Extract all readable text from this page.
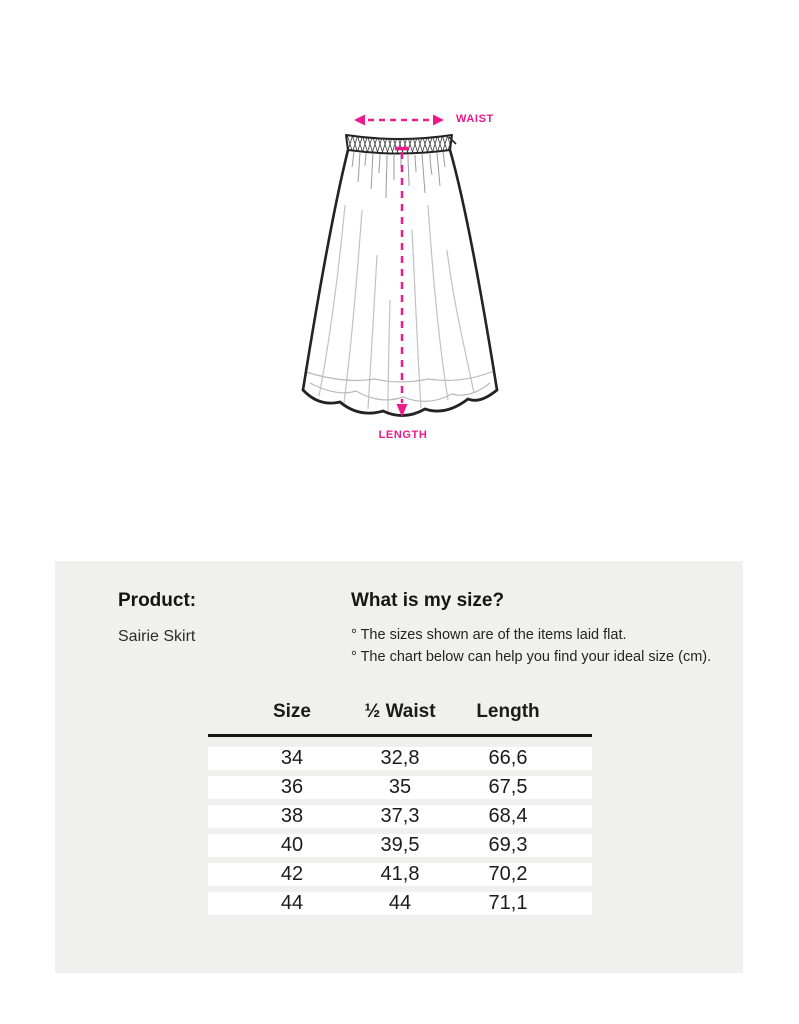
WAIST
LENGTH
Product:

Sairie Skirt

What is my size?
° The sizes shown are of the items laid flat.
° The chart below can help you find your ideal size (cm).
Size	½ Waist	Length
34	32,8	66,6
36	35	67,5
38	37,3	68,4
40	39,5	69,3
42	41,8	70,2
44	44	71,1
